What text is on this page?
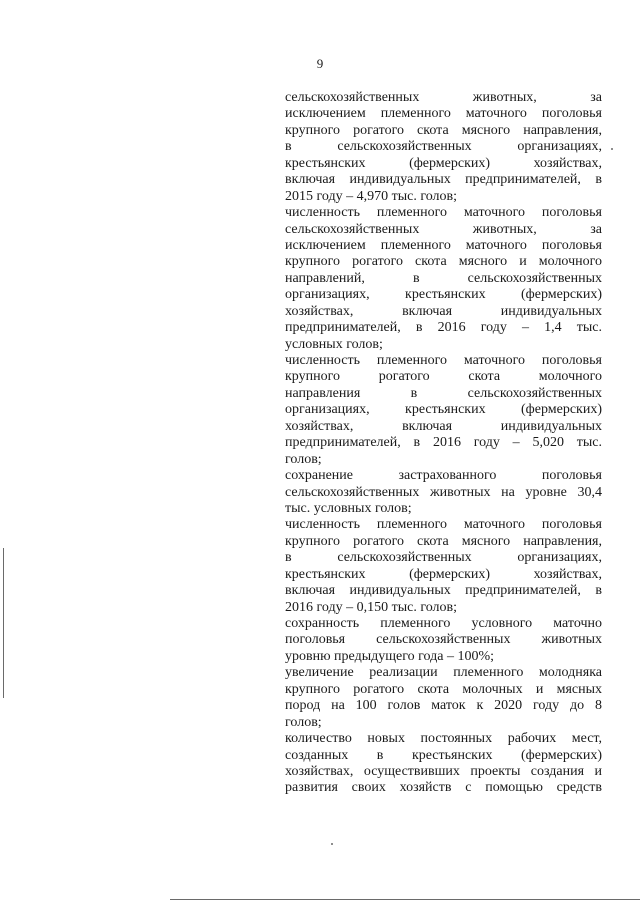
9
сельскохозяйственных животных, за
исключением племенного маточного поголовья
крупного рогатого скота мясного направления,
в сельскохозяйственных организациях,
крестьянских (фермерских) хозяйствах,
включая индивидуальных предпринимателей, в
2015 году – 4,970 тыс. голов;
численность племенного маточного поголовья
сельскохозяйственных животных, за
исключением племенного маточного поголовья
крупного рогатого скота мясного и молочного
направлений, в сельскохозяйственных
организациях, крестьянских (фермерских)
хозяйствах, включая индивидуальных
предпринимателей, в 2016 году – 1,4 тыс.
условных голов;
численность племенного маточного поголовья
крупного рогатого скота молочного
направления в сельскохозяйственных
организациях, крестьянских (фермерских)
хозяйствах, включая индивидуальных
предпринимателей, в 2016 году – 5,020 тыс.
голов;
сохранение застрахованного поголовья
сельскохозяйственных животных на уровне 30,4
тыс. условных голов;
численность племенного маточного поголовья
крупного рогатого скота мясного направления,
в сельскохозяйственных организациях,
крестьянских (фермерских) хозяйствах,
включая индивидуальных предпринимателей, в
2016 году – 0,150 тыс. голов;
сохранность племенного условного маточно
поголовья сельскохозяйственных животных
уровню предыдущего года – 100%;
увеличение реализации племенного молодняка
крупного рогатого скота молочных и мясных
пород на 100 голов маток к 2020 году до 8
голов;
количество новых постоянных рабочих мест,
созданных в крестьянских (фермерских)
хозяйствах, осуществивших проекты создания и
развития своих хозяйств с помощью средств
